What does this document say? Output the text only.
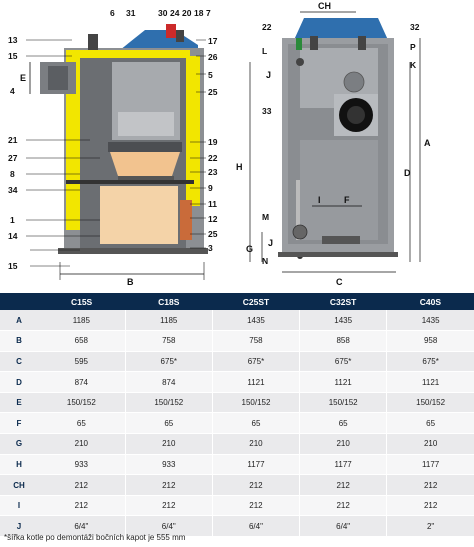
6 31	30 24 20 18 7
17
13
15	26
5
25
E
4
21
27
8
19
22
23
34	9
11
1
14
12
25
3
15
B
CH
22	32
L	P
K
J
33
H
D
A
M
I	F
J
G
N
C
	C15S	C18S	C25ST	C32ST	C40S
A	1185	1185	1435	1435	1435
B	658	758	758	858	958
C	595	675*	675*	675*	675*
D	874	874	1121	1121	1121
E	150/152	150/152	150/152	150/152	150/152
F	65	65	65	65	65
G	210	210	210	210	210
H	933	933	1177	1177	1177
CH	212	212	212	212	212
I	212	212	212	212	212
J	6/4"	6/4"	6/4"	6/4"	2"
*šířka kotle po demontáži bočních kapot je 555 mm
